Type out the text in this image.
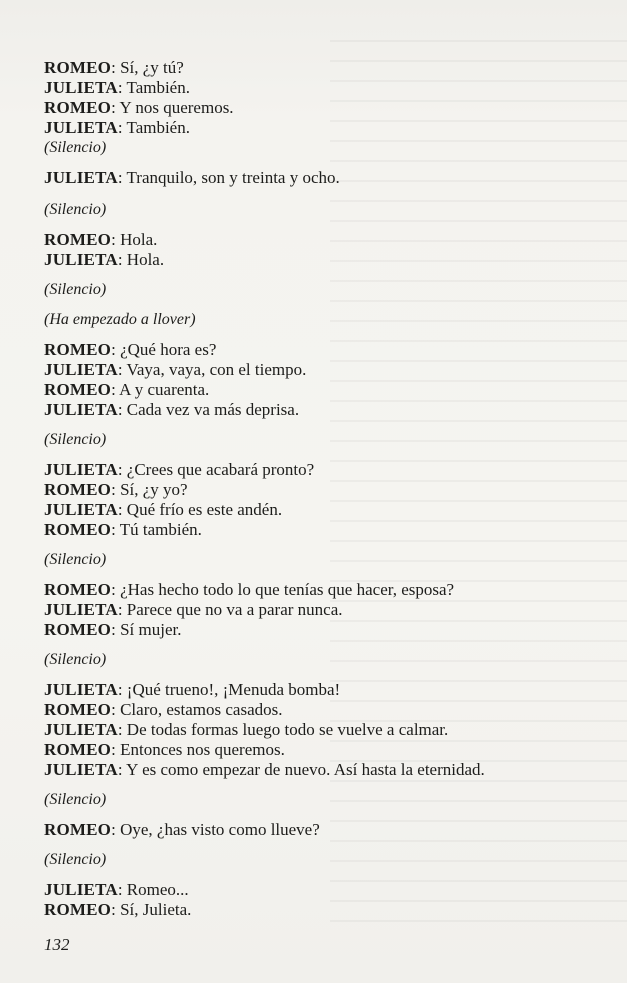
ROMEO: Sí, ¿y tú?
JULIETA: También.
ROMEO: Y nos queremos.
JULIETA: También.
(Silencio)
JULIETA: Tranquilo, son y treinta y ocho.
(Silencio)
ROMEO: Hola.
JULIETA: Hola.
(Silencio)
(Ha empezado a llover)
ROMEO: ¿Qué hora es?
JULIETA: Vaya, vaya, con el tiempo.
ROMEO: A y cuarenta.
JULIETA: Cada vez va más deprisa.
(Silencio)
JULIETA: ¿Crees que acabará pronto?
ROMEO: Sí, ¿y yo?
JULIETA: Qué frío es este andén.
ROMEO: Tú también.
(Silencio)
ROMEO: ¿Has hecho todo lo que tenías que hacer, esposa?
JULIETA: Parece que no va a parar nunca.
ROMEO: Sí mujer.
(Silencio)
JULIETA: ¡Qué trueno!, ¡Menuda bomba!
ROMEO: Claro, estamos casados.
JULIETA: De todas formas luego todo se vuelve a calmar.
ROMEO: Entonces nos queremos.
JULIETA: Y es como empezar de nuevo. Así hasta la eternidad.
(Silencio)
ROMEO: Oye, ¿has visto como llueve?
(Silencio)
JULIETA: Romeo...
ROMEO: Sí, Julieta.
132
